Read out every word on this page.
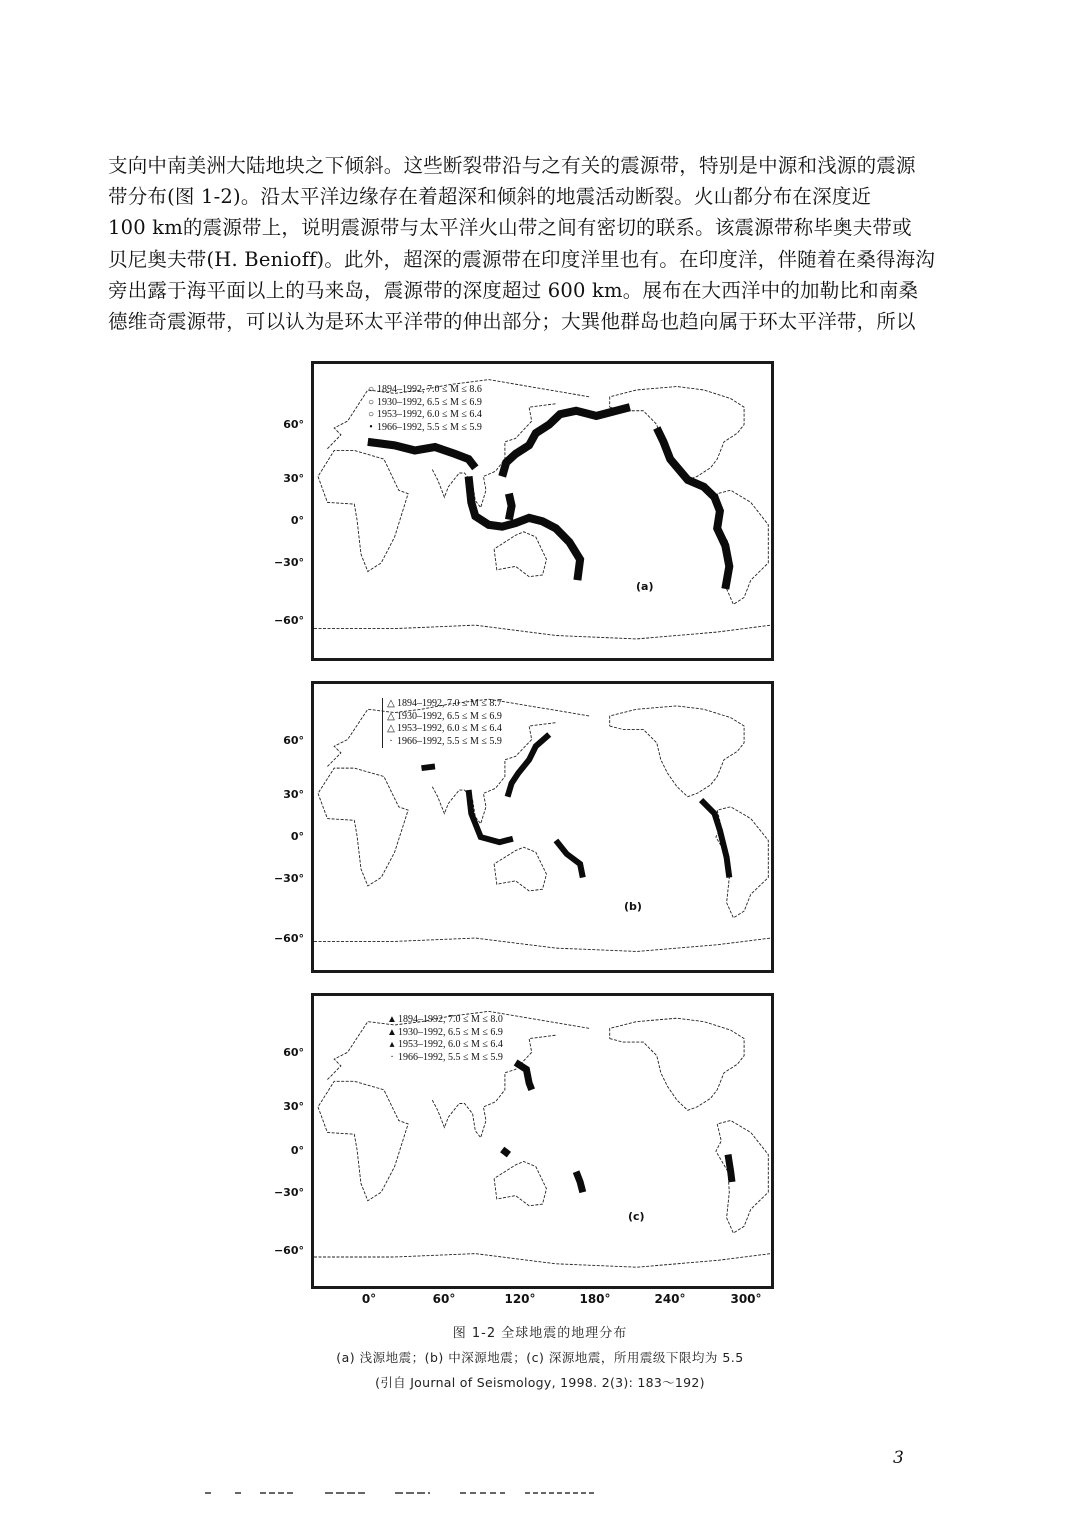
支向中南美洲大陆地块之下倾斜。这些断裂带沿与之有关的震源带，特别是中源和浅源的震源

带分布(图 1-2)。沿太平洋边缘存在着超深和倾斜的地震活动断裂。火山都分布在深度近

100 km的震源带上，说明震源带与太平洋火山带之间有密切的联系。该震源带称毕奥夫带或

贝尼奥夫带(H. Benioff)。此外，超深的震源带在印度洋里也有。在印度洋，伴随着在桑得海沟

旁出露于海平面以上的马来岛，震源带的深度超过 600 km。展布在大西洋中的加勒比和南桑

德维奇震源带，可以认为是环太平洋带的伸出部分；大巽他群岛也趋向属于环太平洋带，所以

○ 1894–1992, 7.0 ≤ M ≤ 8.6
○ 1930–1992, 6.5 ≤ M ≤ 6.9
○ 1953–1992, 6.0 ≤ M ≤ 6.4
• 1966–1992, 5.5 ≤ M ≤ 5.9
△ 1894–1992, 7.0 ≤ M ≤ 8.7
△ 1930–1992, 6.5 ≤ M ≤ 6.9
△ 1953–1992, 6.0 ≤ M ≤ 6.4
· 1966–1992, 5.5 ≤ M ≤ 5.9
▲1894–1992, 7.0 ≤ M ≤ 8.0
▲1930–1992, 6.5 ≤ M ≤ 6.9
▴ 1953–1992, 6.0 ≤ M ≤ 6.4
· 1966–1992, 5.5 ≤ M ≤ 5.9
(a)
(b)
(c)
60°
30°
0°
−30°
−60°
60°
30°
0°
−30°
−60°
60°
30°
0°
−30°
−60°
0°	60°	120°	180°	240°	300°
图 1-2 全球地震的地理分布
(a) 浅源地震；(b) 中深源地震；(c) 深源地震，所用震级下限均为 5.5
(引自 Journal of Seismology, 1998. 2(3): 183～192)
3
